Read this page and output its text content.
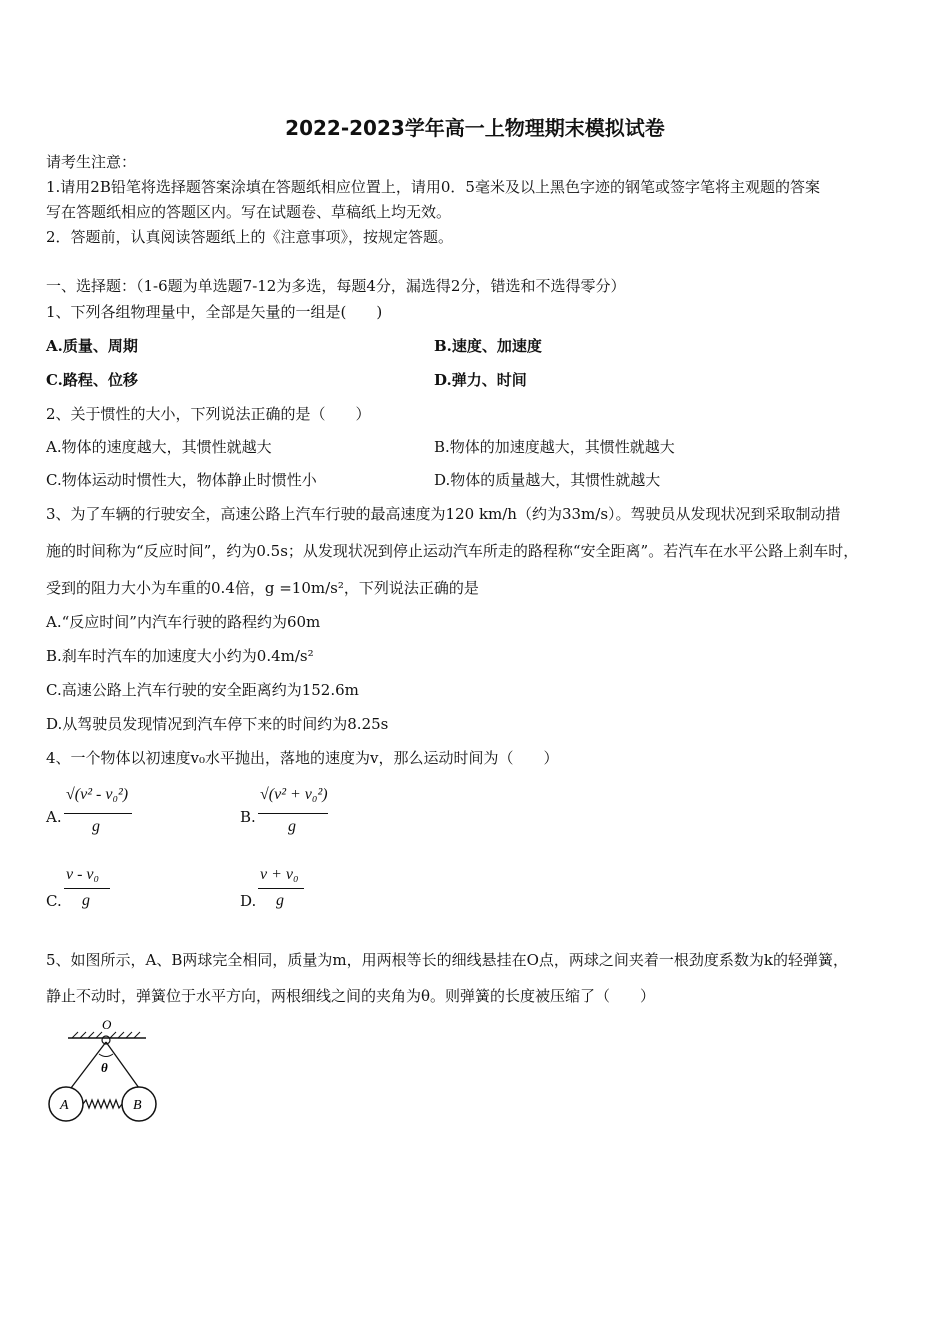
2022-2023学年高一上物理期末模拟试卷
请考生注意：
1.请用2B铅笔将选择题答案涂填在答题纸相应位置上，请用0．5毫米及以上黑色字迹的钢笔或签字笔将主观题的答案
写在答题纸相应的答题区内。写在试题卷、草稿纸上均无效。
2．答题前，认真阅读答题纸上的《注意事项》，按规定答题。
一、选择题：（1-6题为单选题7-12为多选，每题4分，漏选得2分，错选和不选得零分）
1、下列各组物理量中，全部是矢量的一组是(　　)
A.质量、周期	B.速度、加速度
C.路程、位移	D.弹力、时间
2、关于惯性的大小，下列说法正确的是（　　）
A.物体的速度越大，其惯性就越大	B.物体的加速度越大，其惯性就越大
C.物体运动时惯性大，物体静止时惯性小	D.物体的质量越大，其惯性就越大
3、为了车辆的行驶安全，高速公路上汽车行驶的最高速度为120 km/h（约为33m/s）。驾驶员从发现状况到采取制动措
施的时间称为“反应时间”，约为0.5s；从发现状况到停止运动汽车所走的路程称“安全距离”。若汽车在水平公路上刹车时，
受到的阻力大小为车重的0.4倍，g =10m/s²，下列说法正确的是
A.“反应时间”内汽车行驶的路程约为60m
B.刹车时汽车的加速度大小约为0.4m/s²
C.高速公路上汽车行驶的安全距离约为152.6m
D.从驾驶员发现情况到汽车停下来的时间约为8.25s
4、一个物体以初速度v₀水平抛出，落地的速度为v，那么运动时间为（　　）
A.
√(v² - v₀²)
g
B.
√(v² + v₀²)
g
C.
v - v₀
g	D.
v + v₀
g
5、如图所示，A、B两球完全相同，质量为m，用两根等长的细线悬挂在O点，两球之间夹着一根劲度系数为k的轻弹簧，
静止不动时，弹簧位于水平方向，两根细线之间的夹角为θ。则弹簧的长度被压缩了（　　）
O
θ
A	B
